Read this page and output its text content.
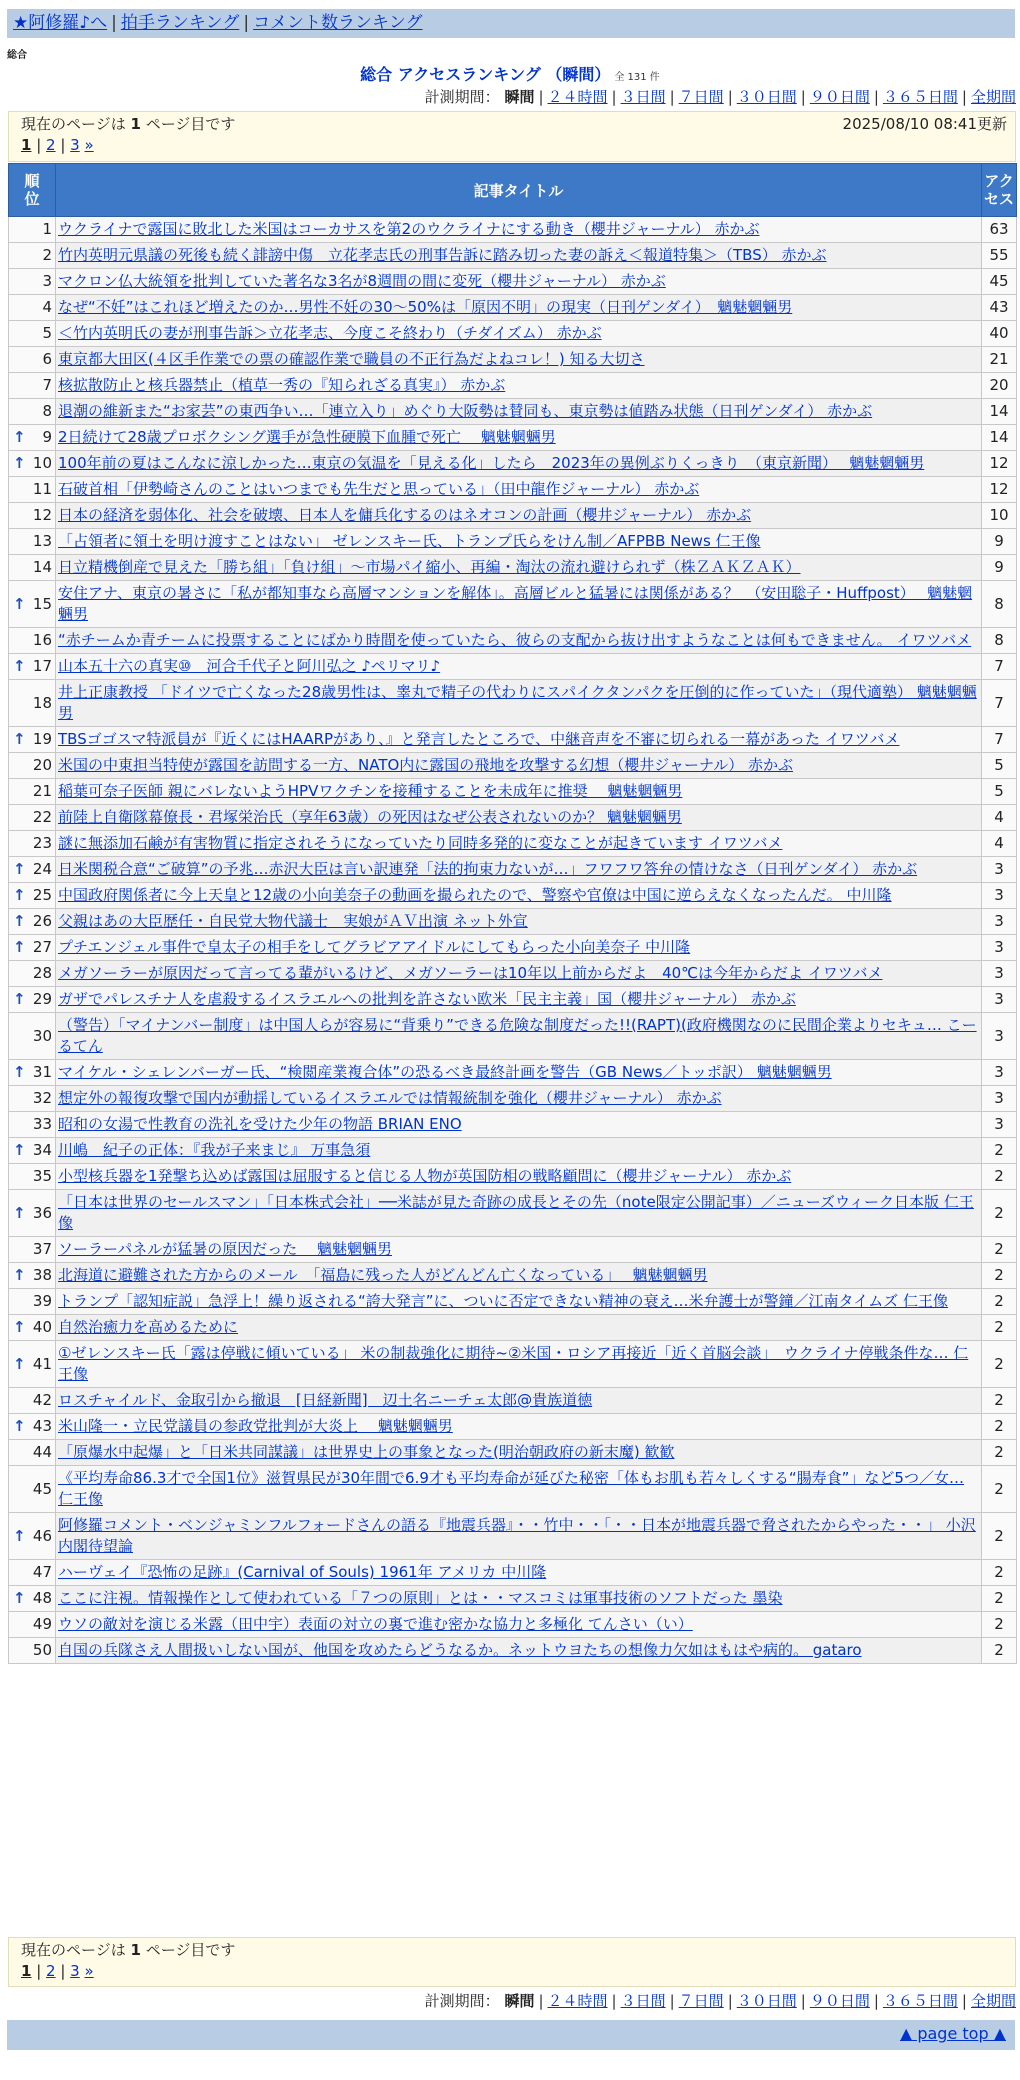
★阿修羅♪へ | 拍手ランキング | コメント数ランキング
総合
総合 アクセスランキング （瞬間） 全 131 件
計測期間： 瞬間 | ２４時間 | ３日間 | ７日間 | ３０日間 | ９０日間 | ３６５日間 | 全期間
現在のページは 1 ページ目です	2025/08/10 08:41更新
1 | 2 | 3 »
順位	記事タイトル	アクセス
1	ウクライナで露国に敗北した米国はコーカサスを第2のウクライナにする動き（櫻井ジャーナル） 赤かぶ	63
2	竹内英明元県議の死後も続く誹謗中傷　立花孝志氏の刑事告訴に踏み切った妻の訴え＜報道特集＞（TBS） 赤かぶ	55
3	マクロン仏大統領を批判していた著名な3名が8週間の間に変死（櫻井ジャーナル） 赤かぶ	45
4	なぜ“不妊”はこれほど増えたのか…男性不妊の30～50%は「原因不明」の現実（日刊ゲンダイ）　魑魅魍魎男	43
5	＜竹内英明氏の妻が刑事告訴＞立花孝志、今度こそ終わり（チダイズム） 赤かぶ	40
6	東京都大田区(４区手作業での票の確認作業で職員の不正行為だよねコレ！) 知る大切さ	21
7	核拡散防止と核兵器禁止（植草一秀の『知られざる真実』） 赤かぶ	20
8	退潮の維新また“お家芸”の東西争い…「連立入り」めぐり大阪勢は賛同も、東京勢は値踏み状態（日刊ゲンダイ） 赤かぶ	14

↑ 9	2日続けて28歳プロボクシング選手が急性硬膜下血腫で死亡　 魑魅魍魎男	14

↑ 10	100年前の夏はこんなに涼しかった…東京の気温を「見える化」したら　2023年の異例ぶりくっきり　（東京新聞）　 魑魅魍魎男	12
11	石破首相「伊勢崎さんのことはいつまでも先生だと思っている」（田中龍作ジャーナル） 赤かぶ	12
12	日本の経済を弱体化、社会を破壊、日本人を傭兵化するのはネオコンの計画（櫻井ジャーナル） 赤かぶ	10
13	「占領者に領土を明け渡すことはない」 ゼレンスキー氏、トランプ氏らをけん制／AFPBB News 仁王像	9
14	日立精機倒産で見えた「勝ち組」「負け組」～市場パイ縮小、再編・淘汰の流れ避けられず（株ＺＡＫＺＡＫ）	9

↑ 15	安住アナ、東京の暑さに「私が都知事なら高層マンションを解体」。高層ビルと猛暑には関係がある？　（安田聡子・Huffpost）　 魑魅魍魎男	8
16	“赤チームか青チームに投票することにばかり時間を使っていたら、彼らの支配から抜け出すようなことは何もできません。 イワツバメ	8

↑ 17	山本五十六の真実⑩　河合千代子と阿川弘之 ♪ペリマリ♪	7
18	井上正康教授 「ドイツで亡くなった28歳男性は、睾丸で精子の代わりにスパイクタンパクを圧倒的に作っていた」（現代適塾） 魑魅魍魎男	7

↑ 19	TBSゴゴスマ特派員が『近くにはHAARPがあり、』と発言したところで、中継音声を不審に切られる一幕があった イワツバメ	7
20	米国の中東担当特使が露国を訪問する一方、NATO内に露国の飛地を攻撃する幻想（櫻井ジャーナル） 赤かぶ	5
21	稲葉可奈子医師 親にバレないようHPVワクチンを接種することを未成年に推奨　 魑魅魍魎男	5
22	前陸上自衛隊幕僚長・君塚栄治氏（享年63歳）の死因はなぜ公表されないのか？ 魑魅魍魎男	4
23	謎に無添加石鹸が有害物質に指定されそうになっていたり同時多発的に変なことが起きています イワツバメ	4

↑ 24	日米関税合意“ご破算”の予兆…赤沢大臣は言い訳連発「法的拘束力ないが…」フワフワ答弁の情けなさ（日刊ゲンダイ） 赤かぶ	3

↑ 25	中国政府関係者に今上天皇と12歳の小向美奈子の動画を撮られたので、警察や官僚は中国に逆らえなくなったんだ。 中川隆	3

↑ 26	父親はあの大臣歴任・自民党大物代議士　実娘がＡＶ出演 ネット外宣	3

↑ 27	プチエンジェル事件で皇太子の相手をしてグラビアアイドルにしてもらった小向美奈子 中川隆	3
28	メガソーラーが原因だって言ってる輩がいるけど、メガソーラーは10年以上前からだよ　40℃は今年からだよ イワツバメ	3

↑ 29	ガザでパレスチナ人を虐殺するイスラエルへの批判を許さない欧米「民主主義」国（櫻井ジャーナル） 赤かぶ	3
30	（警告）「マイナンバー制度」は中国人らが容易に“背乗り”できる危険な制度だった!!(RAPT)(政府機関なのに民間企業よりセキュ… こーるてん	3

↑ 31	マイケル・シェレンバーガー氏、“検閲産業複合体”の恐るべき最終計画を警告（GB News／トッポ訳） 魑魅魍魎男	3
32	想定外の報復攻撃で国内が動揺しているイスラエルでは情報統制を強化（櫻井ジャーナル） 赤かぶ	3
33	昭和の女湯で性教育の洗礼を受けた少年の物語 BRIAN ENO	3

↑ 34	川嶋　紀子の正体：『我が子来まじ』 万事急須	2
35	小型核兵器を1発撃ち込めば露国は屈服すると信じる人物が英国防相の戦略顧問に（櫻井ジャーナル） 赤かぶ	2

↑ 36	「日本は世界のセールスマン」「日本株式会社」──米誌が見た奇跡の成長とその先（note限定公開記事）／ニューズウィーク日本版 仁王像	2
37	ソーラーパネルが猛暑の原因だった　 魑魅魍魎男	2

↑ 38	北海道に避難された方からのメール　「福島に残った人がどんどん亡くなっている」　 魑魅魍魎男	2
39	トランプ「認知症説」急浮上！繰り返される“誇大発言”に、ついに否定できない精神の衰え…米弁護士が警鐘／江南タイムズ 仁王像	2

↑ 40	自然治癒力を高めるために	2

↑ 41	①ゼレンスキー氏「露は停戦に傾いている」 米の制裁強化に期待~②米国・ロシア再接近「近く首脳会談」　ウクライナ停戦条件な… 仁王像	2
42	ロスチャイルド、金取引から撤退　[日経新聞]　辺土名ニーチェ太郎@貴族道徳	2

↑ 43	米山隆一・立民党議員の参政党批判が大炎上　 魑魅魍魎男	2
44	「原爆水中起爆」と「日米共同謀議」は世界史上の事象となった(明治朝政府の新末魔) 歓歓	2
45	《平均寿命86.3才で全国1位》滋賀県民が30年間で6.9才も平均寿命が延びた秘密「体もお肌も若々しくする“腸寿食”」など5つ／女… 仁王像	2

↑ 46	阿修羅コメント・ベンジャミンフルフォードさんの語る『地震兵器』・・竹中・・「・・日本が地震兵器で脅されたからやった・・」 小沢内閣待望論	2
47	ハーヴェイ『恐怖の足跡』(Carnival of Souls) 1961年 アメリカ 中川隆	2

↑ 48	ここに注視。情報操作として使われている「７つの原則」とは・・マスコミは軍事技術のソフトだった 墨染	2
49	ウソの敵対を演じる米露（田中宇）表面の対立の裏で進む密かな協力と多極化 てんさい（い）	2
50	自国の兵隊さえ人間扱いしない国が、他国を攻めたらどうなるか。ネットウヨたちの想像力欠如はもはや病的。 gataro	2
現在のページは 1 ページ目です
1 | 2 | 3 »
計測期間： 瞬間 | ２４時間 | ３日間 | ７日間 | ３０日間 | ９０日間 | ３６５日間 | 全期間
▲ page top ▲
